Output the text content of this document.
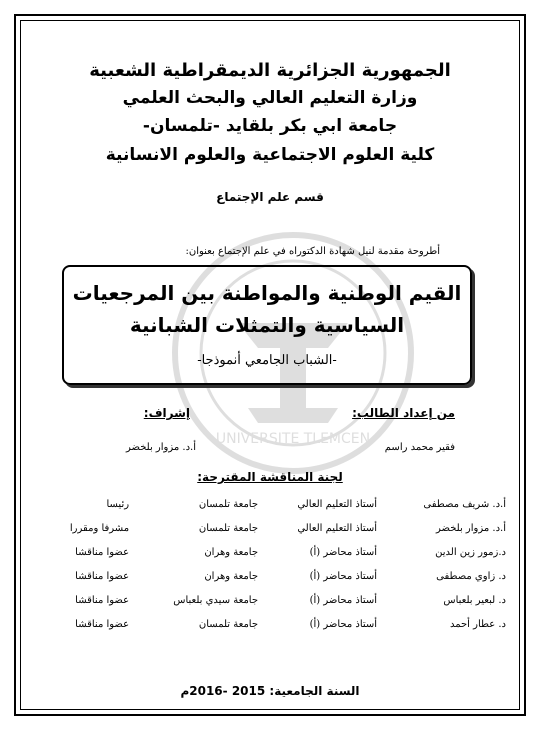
UNIVERSITE TLEMCEN
الجمهورية الجزائرية الديمقراطية الشعبية
وزارة التعليم العالي والبحث العلمي
جامعة ابي بكر بلقايد -تلمسان-
كلية العلوم الاجتماعية والعلوم الانسانية
قسم علم الإجتماع
أطروحة مقدمة لنيل شهادة الدكتوراه في علم الإجتماع بعنوان:
القيم الوطنية والمواطنة بين المرجعيات
السياسية والتمثلات الشبانية
-الشباب الجامعي أنموذجا-
من إعداد الطالب:
إشراف:
فقير محمد راسم
أ.د. مزوار بلخضر
لجنة المناقشة المقترحة:
أ.د. شريف مصطفى	أستاذ التعليم العالي	جامعة تلمسان	رئيسا
أ.د. مزوار بلخضر	أستاذ التعليم العالي	جامعة تلمسان	مشرفا ومقررا
د.زمور زين الدين	أستاذ محاضر (أ)	جامعة وهران	عضوا مناقشا
د. زاوي مصطفى	أستاذ محاضر (أ)	جامعة وهران	عضوا مناقشا
د. لبعير بلعباس	أستاذ محاضر (أ)	جامعة سيدي بلعباس	عضوا مناقشا
د. عطار أحمد	أستاذ محاضر (أ)	جامعة تلمسان	عضوا مناقشا
السنة الجامعية: 2015 -2016م
